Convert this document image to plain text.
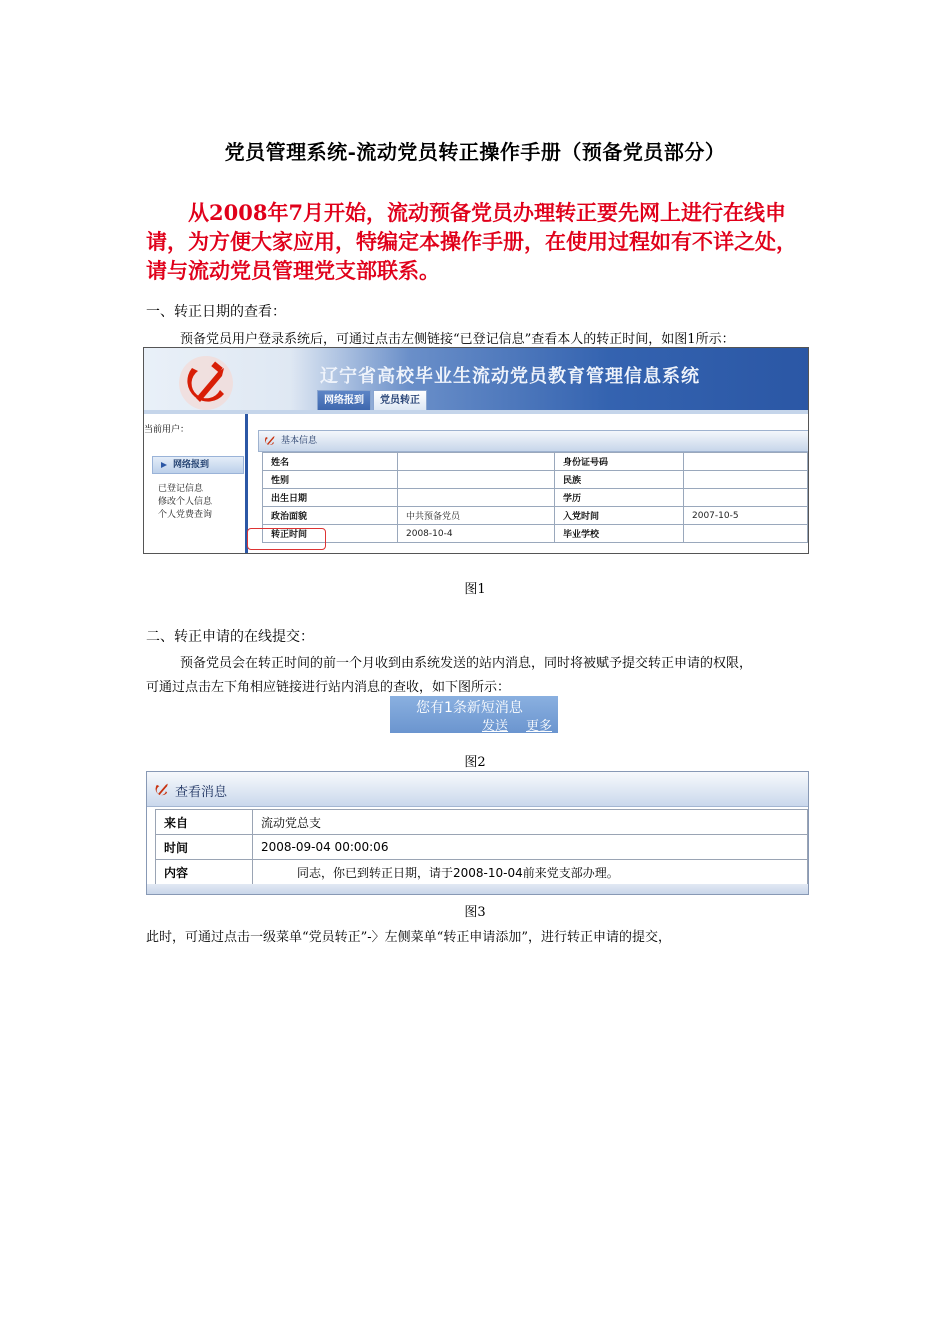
党员管理系统-流动党员转正操作手册（预备党员部分）
从2008年7月开始，流动预备党员办理转正要先网上进行在线申请，为方便大家应用，特编定本操作手册，在使用过程如有不详之处，请与流动党员管理党支部联系。
一、转正日期的查看：
预备党员用户登录系统后，可通过点击左侧链接“已登记信息”查看本人的转正时间，如图1所示：
辽宁省高校毕业生流动党员教育管理信息系统
网络报到	党员转正
当前用户：
网络报到
已登记信息
修改个人信息
个人党费查询
基本信息
姓名		身份证号码	
性别		民族	
出生日期		学历	
政治面貌	中共预备党员	入党时间	2007-10-5
转正时间	2008-10-4	毕业学校	
图1
二、转正申请的在线提交：
预备党员会在转正时间的前一个月收到由系统发送的站内消息，同时将被赋予提交转正申请的权限，
可通过点击左下角相应链接进行站内消息的查收，如下图所示：
您有1条新短消息
发送 更多
图2
查看消息
来自	流动党总支
时间	2008-09-04 00:00:06
内容	同志，你已到转正日期，请于2008-10-04前来党支部办理。
图3
此时，可通过点击一级菜单“党员转正”-〉左侧菜单“转正申请添加”，进行转正申请的提交，
